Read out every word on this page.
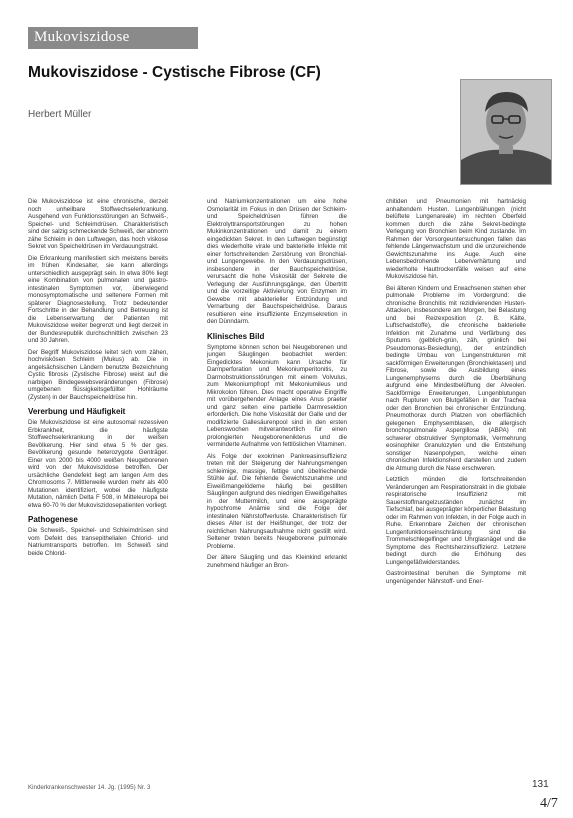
Mukoviszidose
Mukoviszidose - Cystische Fibrose (CF)
Herbert Müller

Die Mukoviszidose ist eine chronische, derzeit noch unheilbare Stoffwechselerkrankung. Ausgehend von Funktionsstörungen an Schweiß-, Speichel- und Schleimdrüsen. Charakteristisch sind der salzig schmeckende Schweiß, der abnorm zähe Schleim in den Luftwegen, das hoch viskose Sekret von Speicheldrüsen im Verdauungstrakt.

Die Erkrankung manifestiert sich meistens bereits im frühen Kindesalter, sie kann allerdings unterschiedlich ausgeprägt sein. In etwa 80% liegt eine Kombination von pulmonalen und gastro-intestinalen Symptomen vor, überwiegend monosymptomatische und seltenere Formen mit späterer Diagnosestellung. Trotz bedeutender Fortschritte in der Behandlung und Betreuung ist die Lebenserwartung der Patienten mit Mukoviszidose weiter begrenzt und liegt derzeit in der Bundesrepublik durchschnittlich zwischen 23 und 30 Jahren.

Der Begriff Mukoviszidose leitet sich vom zähen, hochviskösen Schleim (Mukus) ab. Die in angelsächsischen Ländern benutzte Bezeichnung Cystic fibrosis (Zystische Fibrose) weist auf die narbigen Bindegewebsveränderungen (Fibrose) umgebenen flüssigkeitsgefüllter Hohlräume (Zysten) in der Bauchspeicheldrüse hin.

Vererbung und Häufigkeit

Die Mukoviszidose ist eine autosomal rezessiven Erbkrankheit, die häufigste Stoffwechselerkrankung in der weißen Bevölkerung. Hier sind etwa 5 % der ges. Bevölkerung gesunde heterozygote Genträger. Einer von 2000 bis 4000 weißen Neugeborenen wird von der Mukoviszidose betroffen. Der ursächliche Gendefekt liegt am langen Arm des Chromosoms 7. Mittlerweile wurden mehr als 400 Mutationen identifiziert, wobei die häufigste Mutation, nämlich Delta F 508, in Mitteleuropa bei etwa 60-70 % der Mukoviszidosepatienten vorliegt.

Pathogenese

Die Schweiß-, Speichel- und Schleimdrüsen sind vom Defekt des transepithelialen Chlorid- und Natriumtransports betroffen. Im Schweiß sind beide Chlorid-

und Natriumkonzentrationen um eine hohe Osmolarität im Fokus in den Drüsen der Schleim- und Speicheldrüsen führen die Elektrolyttransportstörungen zu hohen Mukinkonzentrationen und damit zu einem eingedickten Sekret. In den Luftwegen begünstigt dies wiederholte virale und bakterielle Infekte mit einer fortschreitenden Zerstörung von Bronchial- und Lungengewebe. In den Verdauungsdrüsen, insbesondere in der Bauchspeicheldrüse, verursacht die hohe Viskosität der Sekrete die Verlegung der Ausführungsgänge, den Übertritt und die vorzeitige Aktivierung von Enzymen im Gewebe mit abakterieller Entzündung und Vernarbung der Bauchspeicheldrüse. Daraus resultieren eine insuffiziente Enzymsekretion in den Dünndarm.

Klinisches Bild

Symptome können schon bei Neugeborenen und jungen Säuglingen beobachtet werden: Eingedicktes Mekonium kann Ursache für Darmperforation und Mekoniumperitonitis, zu Darmobstruktionsstörungen mit einem Volvulus, zum Mekoniumpfropf mit Mekoniumileus und Mikrokolon führen. Dies macht operative Eingriffe mit vorübergehender Anlage eines Anus praeter und ganz selten eine partielle Darmresektion erforderlich. Die hohe Viskosität der Galle und der modifizierte Gallesäurenpool sind in den ersten Lebenswochen mitverantwortlich für einen prolongierten Neugeborenenikterus und die verminderte Aufnahme von fettlöslichen Vitaminen.

Als Folge der exokrinen Pankreasinsuffizienz treten mit der Steigerung der Nahrungsmengen schleimige, massige, fettige und übelriechende Stühle auf. Die fehlende Gewichtszunahme und Eiweißmangelödeme häufig bei gestillten Säuglingen aufgrund des niedrigen Eiweißgehaltes in der Muttermilch, und eine ausgeprägte hypochrome Anämie sind die Folge der intestinalen Nährstoffverluste. Charakteristisch für dieses Alter ist der Heißhunger, der trotz der reichlichen Nahrungsaufnahme nicht gestillt wird. Seltener treten bereits Neugeborene pulmonale Probleme.

Der ältere Säugling und das Kleinkind erkrankt zunehmend häufiger an Bron-

chitiden und Pneumonien mit hartnäckig anhaltendem Husten. Lungenblähungen (nicht belüftete Lungenareale) im rechten Oberfeld kommen durch die zähe Sekret-bedingte Verlegung von Bronchien beim Kind zustande. Im Rahmen der Vorsorgeuntersuchungen fallen das fehlende Längenwachstum und die unzureichende Gewichtszunahme ins Auge. Auch eine Lebensbedrohende Leberverhärtung und wiederholte Hauttrockenfälle weisen auf eine Mukoviszidose hin.

Bei älteren Kindern und Erwachsenen stehen eher pulmonale Probleme im Vordergrund: die chronische Bronchitis mit rezidivierenden Husten-Attacken, insbesondere am Morgen, bei Belastung und bei Reizexposition (z. B. Kälte, Luftschadstoffe), die chronische bakterielle Infektion mit Zunahme und Verfärbung des Sputums (gelblich-grün, zäh, grünlich bei Pseudomonas-Besiedlung), der entzündlich bedingte Umbau von Lungenstrukturen mit sackförmigen Erweiterungen (Bronchiektasen) und Fibrose, sowie die Ausbildung eines Lungenemphysems durch die Überblähung aufgrund eine Mindestbelüftung der Alveolen. Sackförmige Erweiterungen, Lungenblutungen nach Rupturen von Blutgefäßen in der Trachea oder den Bronchien bei chronischer Entzündung. Pneumothorax durch Platzen von oberflächlich gelegenen Emphysemblasen, die allergisch bronchopulmonale Aspergillose (ABPA) mit schwerer obstruktiver Symptomatik, Vermehrung eosinophiler Granulozyten und die Entstehung sonstiger Nasenpolypen, welche einen chronischen Infektionsherd darstellen und zudem die Atmung durch die Nase erschweren.

Letztlich münden die fortschreitenden Veränderungen am Respirationstrakt in die globale respiratorische Insuffizienz mit Sauerstoffmangelzuständen zunächst im Tiefschlaf, bei ausgeprägter körperlicher Belastung oder im Rahmen von Infekten, in der Folge auch in Ruhe. Erkennbare Zeichen der chronischen Lungenfunktionseinschränkung sind die Trommelschlegelfinger und Uhrglasnägel und die Symptome des Rechtsherzinsuffizienz. Letztere bedingt durch die Erhöhung des Lungengefäßwiderstandes.

Gastrointestinal beruhen die Symptome mit ungenügender Nährstoff- und Ener-

Kinderkrankenschwester 14. Jg. (1995) Nr. 3	131
4/7
